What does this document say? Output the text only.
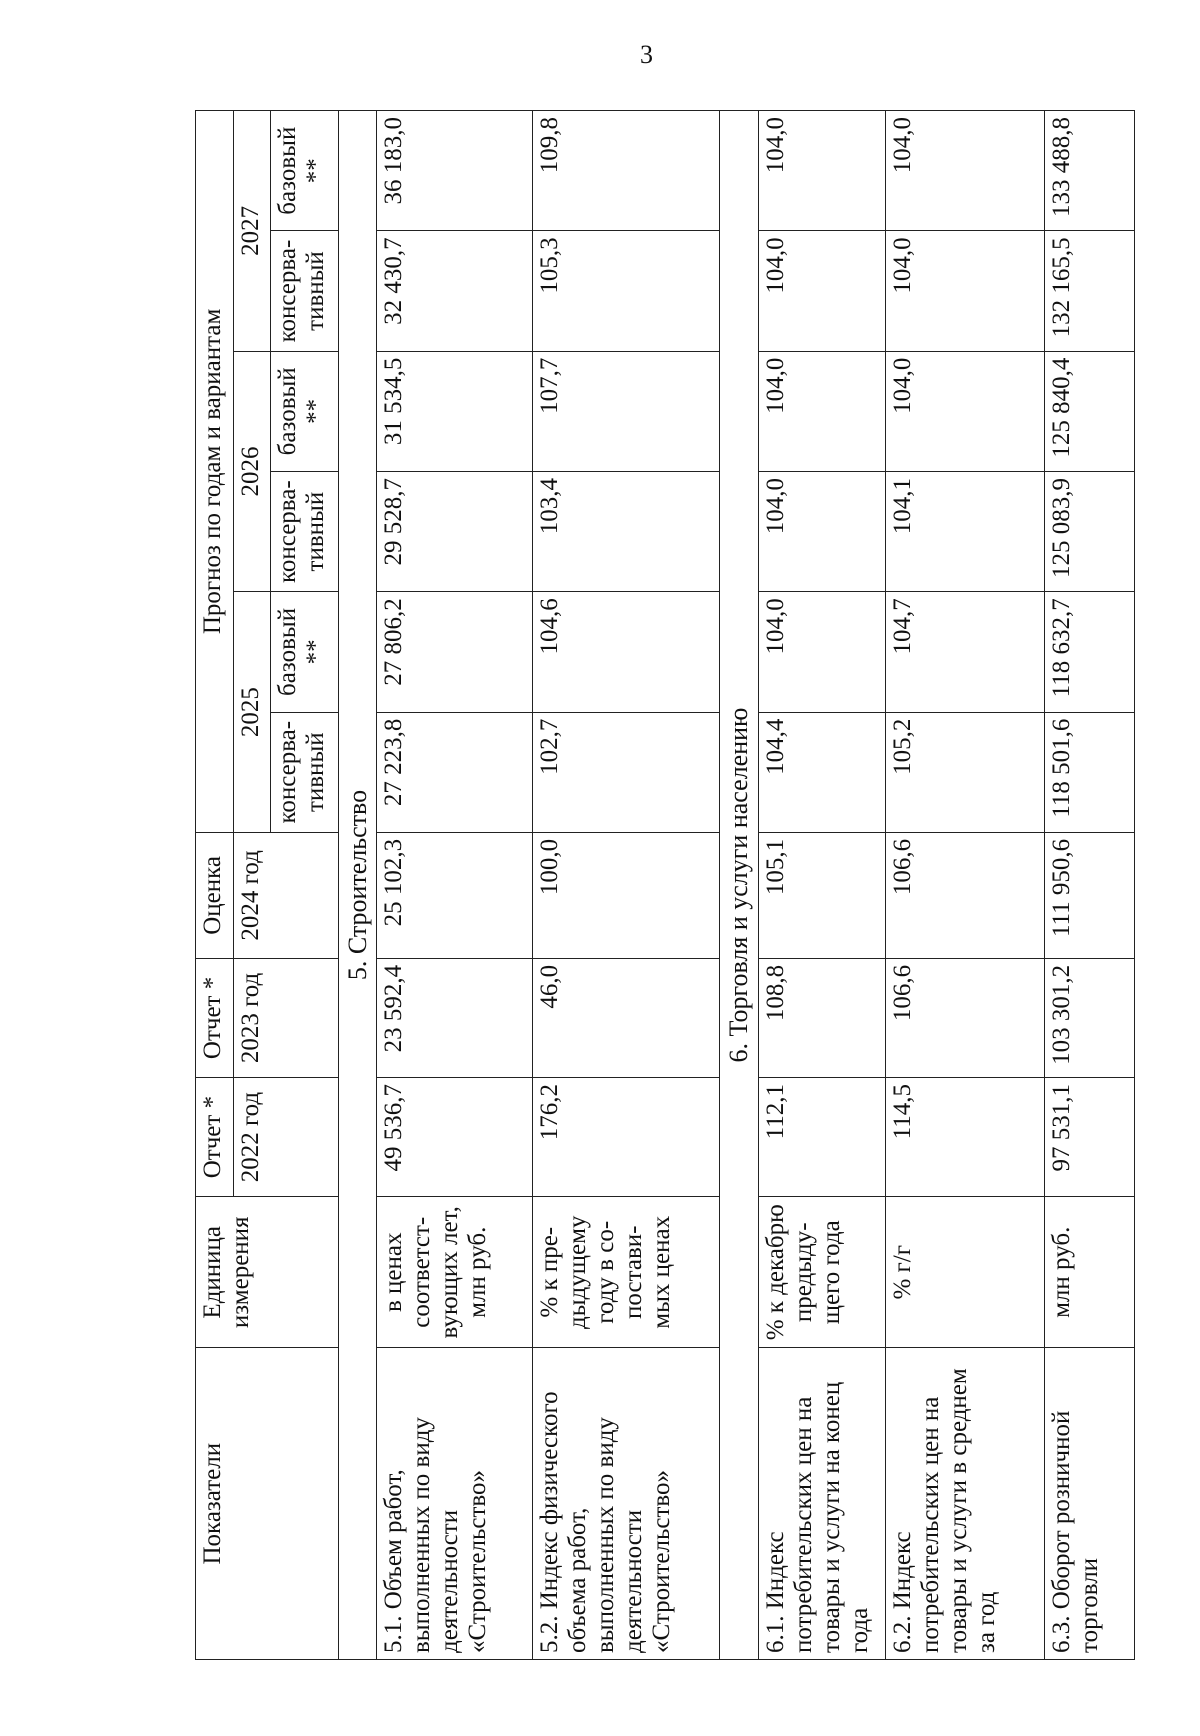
3
Показатели	Единица измерения	Отчет *	Отчет *	Оценка	Прогноз по годам и вариантам					
		2022 год	2023 год	2024 год	2025		2026		2027	
					консерва-тивный	базовый **	консерва-тивный	базовый **	консерва-тивный	базовый **
5. Строительство										
5.1. Объем работ, выполненных по виду деятельности «Строительство»	в ценах соответст-вующих лет, млн руб.	49 536,7	23 592,4	25 102,3	27 223,8	27 806,2	29 528,7	31 534,5	32 430,7	36 183,0
5.2. Индекс физического объема работ, выполненных по виду деятельности «Строительство»	% к пре-дыдущему году в со-постави-мых ценах	176,2	46,0	100,0	102,7	104,6	103,4	107,7	105,3	109,8
6. Торговля и услуги населению										
6.1. Индекс потребительских цен на товары и услуги на конец года	% к декабрю предыду-щего года	112,1	108,8	105,1	104,4	104,0	104,0	104,0	104,0	104,0
6.2. Индекс потребительских цен на товары и услуги в среднем за год	% г/г	114,5	106,6	106,6	105,2	104,7	104,1	104,0	104,0	104,0
6.3. Оборот розничной торговли	млн руб.	97 531,1	103 301,2	111 950,6	118 501,6	118 632,7	125 083,9	125 840,4	132 165,5	133 488,8
